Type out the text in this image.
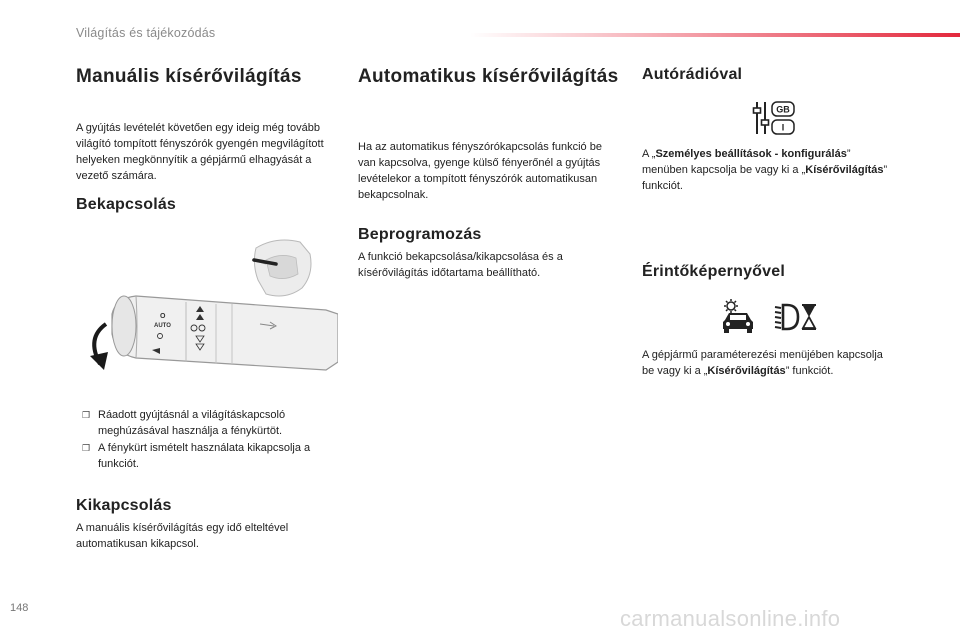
Világítás és tájékozódás
Manuális kísérővilágítás

A gyújtás levételét követően egy ideig még tovább világító tompított fényszórók gyengén megvilágított helyeken megkönnyítik a gépjármű elhagyását a vezető számára.

Bekapcsolás
O
AUTO
❒ Ráadott gyújtásnál a világításkapcsoló meghúzásával használja a fénykürtöt.
❒ A fénykürt ismételt használata kikapcsolja a funkciót.
Kikapcsolás

A manuális kísérővilágítás egy idő elteltével automatikusan kikapcsol.

Automatikus kísérővilágítás

Ha az automatikus fényszórókapcsolás funkció be van kapcsolva, gyenge külső fényerőnél a gyújtás levételekor a tompított fényszórók automatikusan bekapcsolnak.

Beprogramozás

A funkció bekapcsolása/kikapcsolása és a kísérővilágítás időtartama beállítható.

Autórádióval
GB
I

A „Személyes beállítások - konfigurálás” menüben kapcsolja be vagy ki a „Kísérővilágítás” funkciót.

Érintőképernyővel

A gépjármű paraméterezési menüjében kapcsolja be vagy ki a „Kísérővilágítás” funkciót.

148	carmanualsonline.info
